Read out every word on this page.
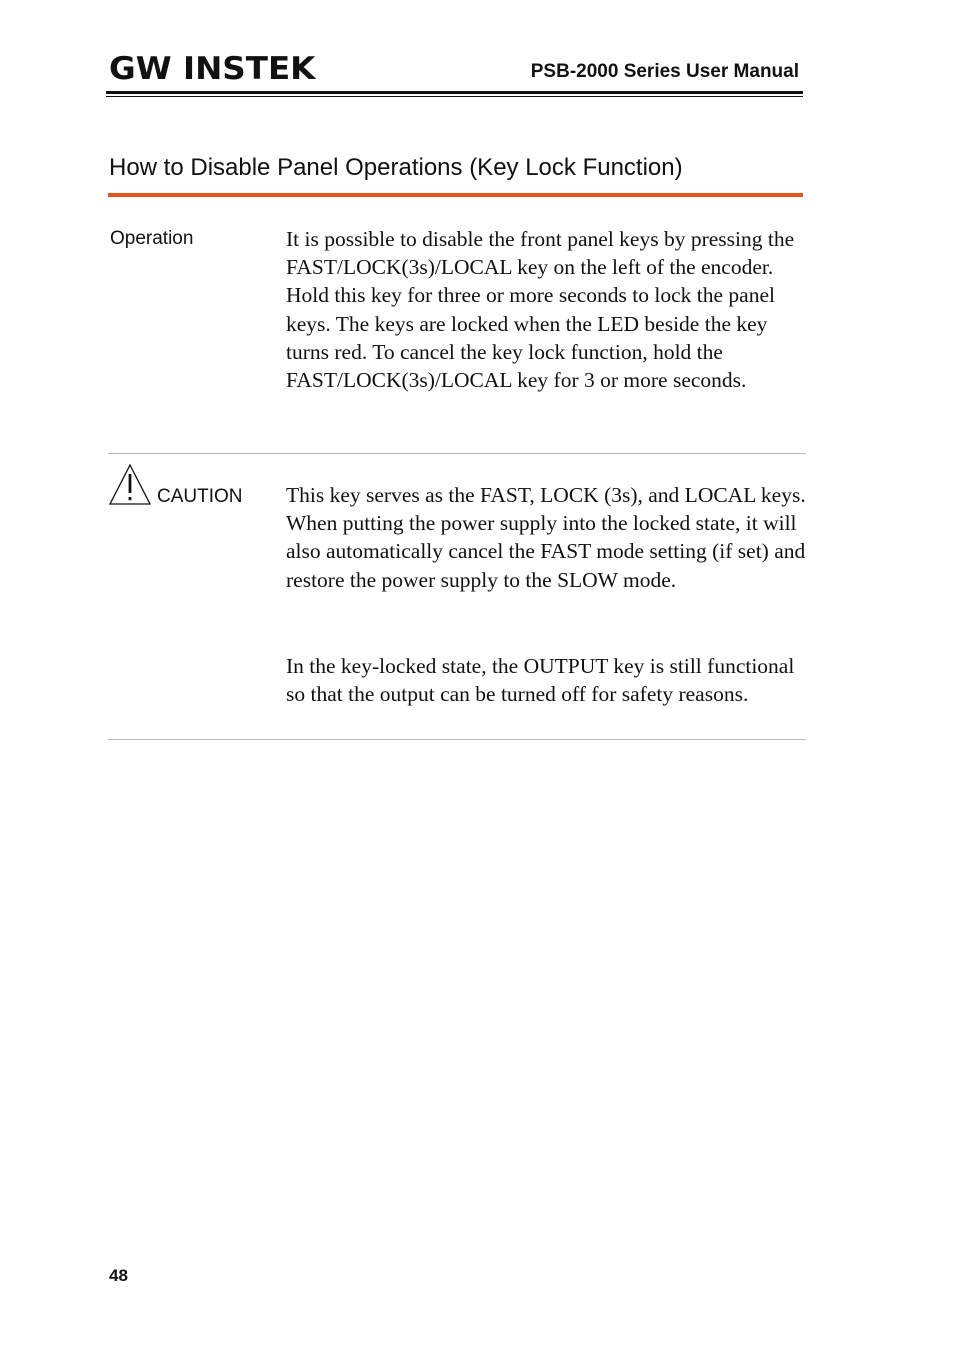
GW INSTEK	PSB-2000 Series User Manual
How to Disable Panel Operations (Key Lock Function)
Operation	It is possible to disable the front panel keys by pressing the FAST/LOCK(3s)/LOCAL key on the left of the encoder. Hold this key for three or more seconds to lock the panel keys. The keys are locked when the LED beside the key turns red. To cancel the key lock function, hold the FAST/LOCK(3s)/LOCAL key for 3 or more seconds.
CAUTION This key serves as the FAST, LOCK (3s), and LOCAL keys. When putting the power supply into the locked state, it will also automatically cancel the FAST mode setting (if set) and restore the power supply to the SLOW mode.
In the key-locked state, the OUTPUT key is still functional so that the output can be turned off for safety reasons.
48
